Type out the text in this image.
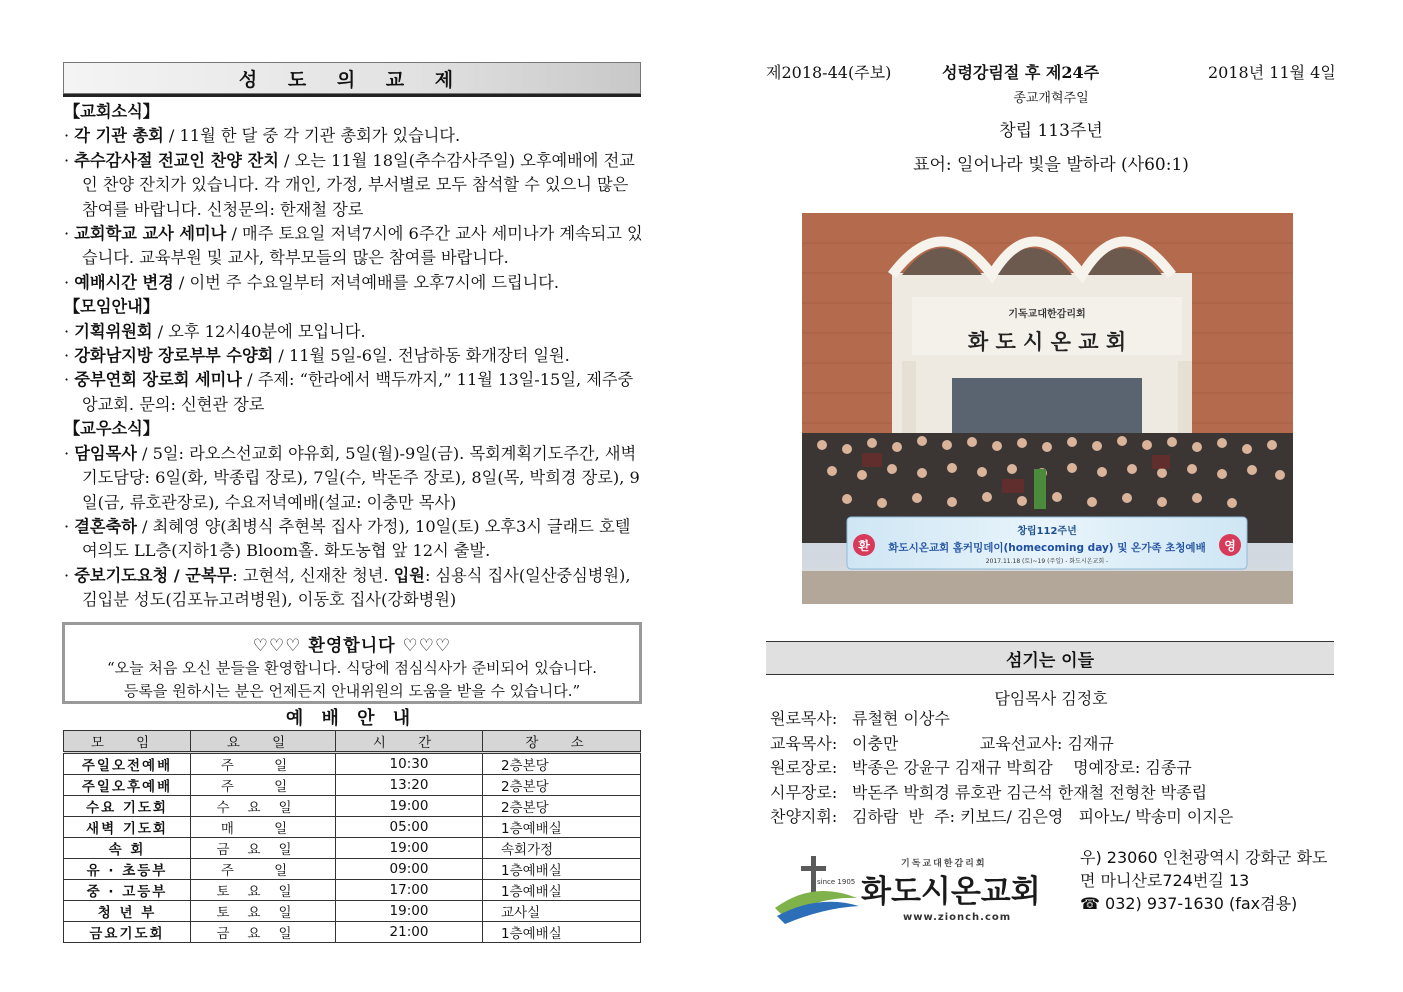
성 도 의 교 제
【교회소식】
· 각 기관 총회 / 11월 한 달 중 각 기관 총회가 있습니다.
· 추수감사절 전교인 찬양 잔치 / 오는 11월 18일(추수감사주일) 오후예배에 전교인 찬양 잔치가 있습니다. 각 개인, 가정, 부서별로 모두 참석할 수 있으니 많은 참여를 바랍니다. 신청문의: 한재철 장로
· 교회학교 교사 세미나 / 매주 토요일 저녁7시에 6주간 교사 세미나가 계속되고 있습니다. 교육부원 및 교사, 학부모들의 많은 참여를 바랍니다.
· 예배시간 변경 / 이번 주 수요일부터 저녁예배를 오후7시에 드립니다.
【모임안내】
· 기획위원회 / 오후 12시40분에 모입니다.
· 강화남지방 장로부부 수양회 / 11월 5일-6일. 전남하동 화개장터 일원.
· 중부연회 장로회 세미나 / 주제: “한라에서 백두까지,” 11월 13일-15일, 제주중앙교회. 문의: 신현관 장로
【교우소식】
· 담임목사 / 5일: 라오스선교회 야유회, 5일(월)-9일(금). 목회계획기도주간, 새벽기도담당: 6일(화, 박종립 장로), 7일(수, 박돈주 장로), 8일(목, 박희경 장로), 9일(금, 류호관장로), 수요저녁예배(설교: 이충만 목사)
· 결혼축하 / 최혜영 양(최병식 추현복 집사 가정), 10일(토) 오후3시 글래드 호텔 여의도 LL층(지하1층) Bloom홀. 화도농협 앞 12시 출발.
· 중보기도요청 / 군복무: 고현석, 신재찬 청년. 입원: 심용식 집사(일산중심병원), 김입분 성도(김포뉴고려병원), 이동호 집사(강화병원)
♡♡♡ 환영합니다 ♡♡♡
“오늘 처음 오신 분들을 환영합니다. 식당에 점심식사가 준비되어 있습니다.
등록을 원하시는 분은 언제든지 안내위원의 도움을 받을 수 있습니다.”
예 배 안 내
모 임	요 일	시 간	장 소
주일오전예배	주 일	10:30	2층본당
주일오후예배	주 일	13:20	2층본당
수요 기도회	수요일	19:00	2층본당
새벽 기도회	매 일	05:00	1층예배실
속 회	금요일	19:00	속회가정
유 · 초등부	주 일	09:00	1층예배실
중 · 고등부	토요일	17:00	1층예배실
청 년 부	토요일	19:00	교사실
금요기도회	금요일	21:00	1층예배실
제2018-44(주보)	성령강림절 후 제24주	2018년 11월 4일
종교개혁주일
창립 113주년
표어: 일어나라 빛을 발하라 (사60:1)
기독교대한감리회
화 도 시 온 교 회
창립112주년
환	영
화도시온교회 홈커밍데이(homecoming day) 및 온가족 초청예배
2017.11.18 (토)~19 (주일) - 화도시온교회 -
섬기는 이들
담임목사 김정호
원로목사: 류철현 이상수
교육목사: 이충만                교육선교사: 김재규
원로장로: 박종은 강윤구 김재규 박희감    명예장로: 김종규
시무장로: 박돈주 박희경 류호관 김근석 한재철 전형찬 박종립
찬양지휘: 김하람  반  주: 키보드/ 김은영   피아노/ 박송미 이지은
since 1905
기독교대한감리회
화도시온교회
www.zionch.com
우) 23060 인천광역시 강화군 화도
면 마니산로724번길 13
☎ 032) 937-1630 (fax겸용)
